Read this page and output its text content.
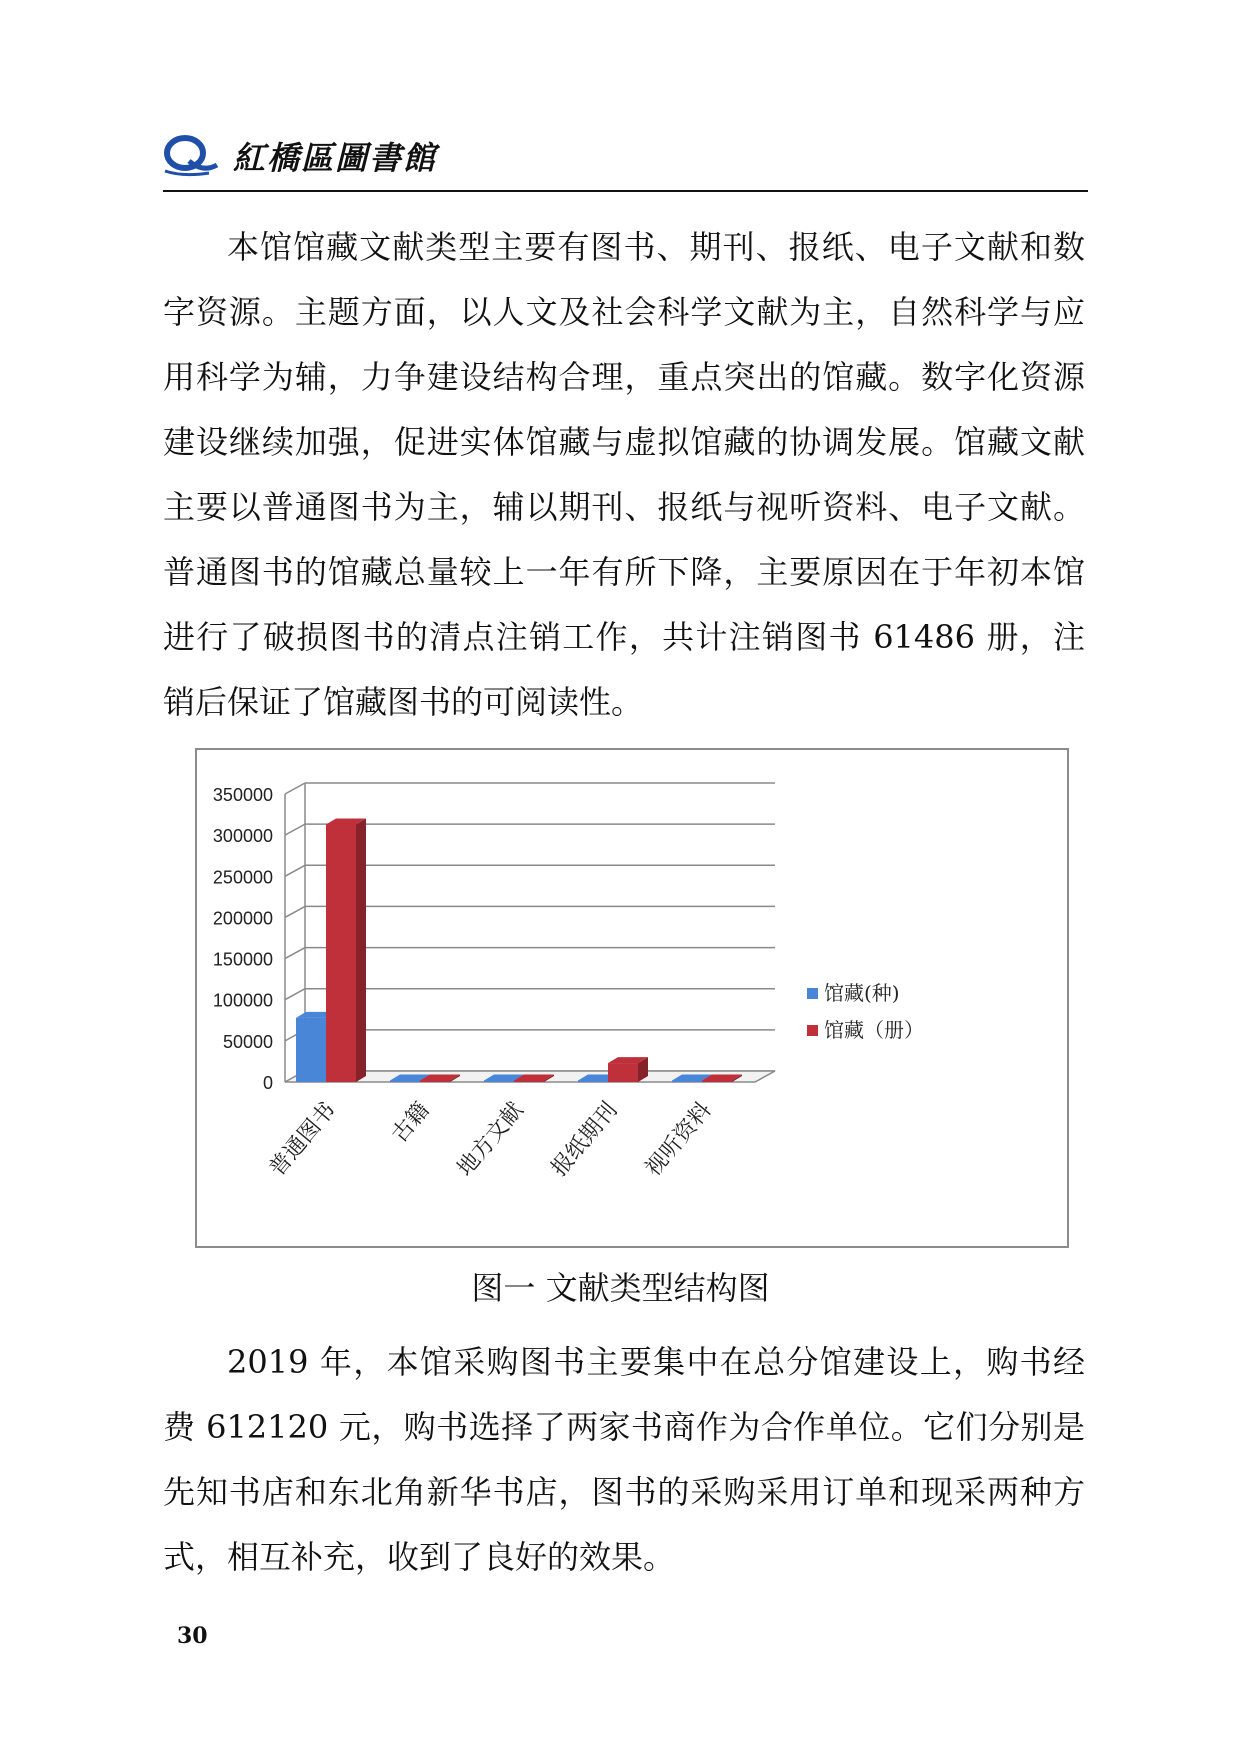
紅橋區圖書館

本馆馆藏文献类型主要有图书、期刊、报纸、电子文献和数字资源。主题方面，以人文及社会科学文献为主，自然科学与应用科学为辅，力争建设结构合理，重点突出的馆藏。数字化资源建设继续加强，促进实体馆藏与虚拟馆藏的协调发展。馆藏文献主要以普通图书为主，辅以期刊、报纸与视听资料、电子文献。普通图书的馆藏总量较上一年有所下降，主要原因在于年初本馆进行了破损图书的清点注销工作，共计注销图书 61486 册，注销后保证了馆藏图书的可阅读性。

0
50000
100000
150000
200000
250000
300000
350000
普通图书 古籍 地方文献 报纸期刊 视听资料
馆藏(种)
馆藏（册）
图一 文献类型结构图

2019 年，本馆采购图书主要集中在总分馆建设上，购书经费 612120 元，购书选择了两家书商作为合作单位。它们分别是先知书店和东北角新华书店，图书的采购采用订单和现采两种方式，相互补充，收到了良好的效果。

30
